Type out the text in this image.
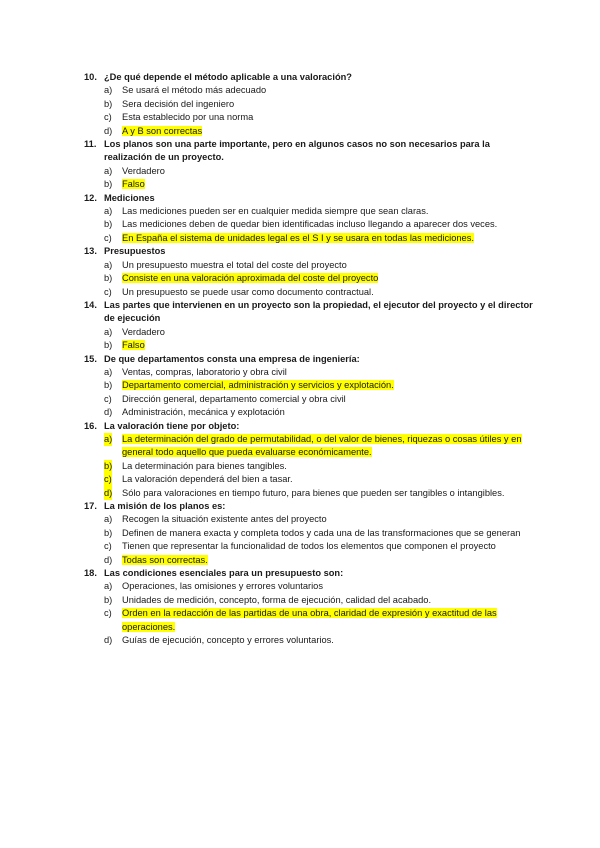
10. ¿De qué depende el método aplicable a una valoración?
a)	Se usará el método más adecuado
b)	Sera decisión del ingeniero
c)	Esta establecido por una norma
d)	A y B son correctas
11. Los planos son una parte importante, pero en algunos casos no son necesarios para la realización de un proyecto.
a)	Verdadero
b)	Falso
12. Mediciones
a)	Las mediciones pueden ser en cualquier medida siempre que sean claras.
b)	Las mediciones deben de quedar bien identificadas incluso llegando a aparecer dos veces.
c)	En España el sistema de unidades legal es el S I y se usara en todas las mediciones.
13. Presupuestos
a)	Un presupuesto muestra el total del coste del proyecto
b)	Consiste en una valoración aproximada del coste del proyecto
c)	Un presupuesto se puede usar como documento contractual.
14. Las partes que intervienen en un proyecto son la propiedad, el ejecutor del proyecto y el director de ejecución
a)	Verdadero
b)	Falso
15. De que departamentos consta una empresa de ingeniería:
a)	Ventas, compras, laboratorio y obra civil
b)	Departamento comercial, administración y servicios y explotación.
c)	Dirección general, departamento comercial y obra civil
d)	Administración, mecánica y explotación
16. La valoración tiene por objeto:
a)	La determinación del grado de permutabilidad, o del valor de bienes, riquezas o cosas útiles y en general todo aquello que pueda evaluarse económicamente.
b)	La determinación para bienes tangibles.
c)	La valoración dependerá del bien a tasar.
d)	Sólo para valoraciones en tiempo futuro, para bienes que pueden ser tangibles o intangibles.
17. La misión de los planos es:
a)	Recogen la situación existente antes del proyecto
b)	Definen de manera exacta y completa todos y cada una de las transformaciones que se generan
c)	Tienen que representar la funcionalidad de todos los elementos que componen el proyecto
d)	Todas son correctas.
18. Las condiciones esenciales para un presupuesto son:
a)	Operaciones, las omisiones y errores voluntarios
b)	Unidades de medición, concepto, forma de ejecución, calidad del acabado.
c)	Orden en la redacción de las partidas de una obra, claridad de expresión y exactitud de las operaciones.
d)	Guías de ejecución, concepto y errores voluntarios.
